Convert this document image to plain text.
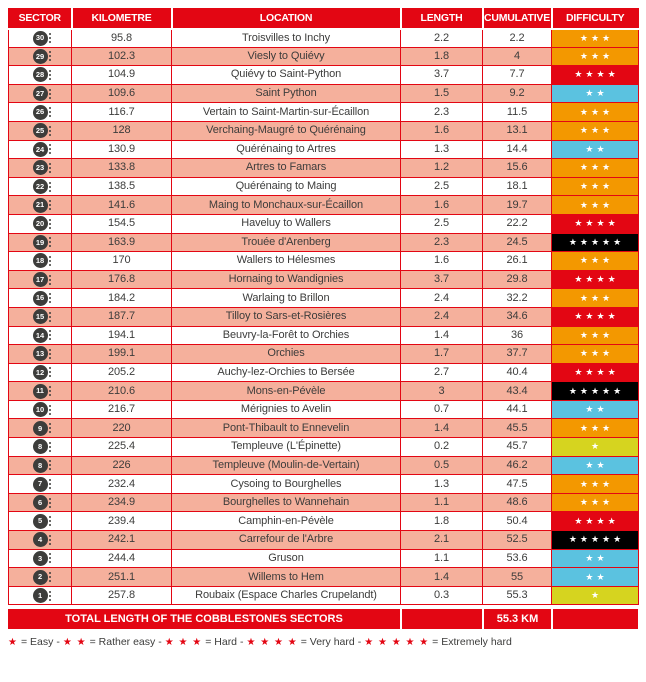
SECTOR	KILOMETRE	LOCATION	LENGTH	CUMULATIVE	DIFFICULTY

30	95.8	Troisvilles to Inchy	2.2	2.2	★★★

29	102.3	Viesly to Quiévy	1.8	4	★★★

28	104.9	Quiévy to Saint-Python	3.7	7.7	★★★★

27	109.6	Saint Python	1.5	9.2	★★

26	116.7	Vertain to Saint-Martin-sur-Écaillon	2.3	11.5	★★★

25	128	Verchaing-Maugré to Quérénaing	1.6	13.1	★★★

24	130.9	Quérénaing to Artres	1.3	14.4	★★

23	133.8	Artres to Famars	1.2	15.6	★★★

22	138.5	Quérénaing to Maing	2.5	18.1	★★★

21	141.6	Maing to Monchaux-sur-Écaillon	1.6	19.7	★★★

20	154.5	Haveluy to Wallers	2.5	22.2	★★★★

19	163.9	Trouée d'Arenberg	2.3	24.5	★★★★★

18	170	Wallers to Hélesmes	1.6	26.1	★★★

17	176.8	Hornaing to Wandignies	3.7	29.8	★★★★

16	184.2	Warlaing to Brillon	2.4	32.2	★★★

15	187.7	Tilloy to Sars-et-Rosières	2.4	34.6	★★★★

14	194.1	Beuvry-la-Forêt to Orchies	1.4	36	★★★

13	199.1	Orchies	1.7	37.7	★★★

12	205.2	Auchy-lez-Orchies to Bersée	2.7	40.4	★★★★

11	210.6	Mons-en-Pévèle	3	43.4	★★★★★

10	216.7	Mérignies to Avelin	0.7	44.1	★★

9	220	Pont-Thibault to Ennevelin	1.4	45.5	★★★

8	225.4	Templeuve (L'Épinette)	0.2	45.7	★

8	226	Templeuve (Moulin-de-Vertain)	0.5	46.2	★★

7	232.4	Cysoing to Bourghelles	1.3	47.5	★★★

6	234.9	Bourghelles to Wannehain	1.1	48.6	★★★

5	239.4	Camphin-en-Pévèle	1.8	50.4	★★★★

4	242.1	Carrefour de l'Arbre	2.1	52.5	★★★★★

3	244.4	Gruson	1.1	53.6	★★

2	251.1	Willems to Hem	1.4	55	★★

1	257.8	Roubaix (Espace Charles Crupelandt)	0.3	55.3	★
TOTAL LENGTH OF THE COBBLESTONES SECTORS	55.3 KM
★ = Easy - ★ ★ = Rather easy - ★ ★ ★ = Hard - ★ ★ ★ ★ = Very hard - ★ ★ ★ ★ ★ = Extremely hard
